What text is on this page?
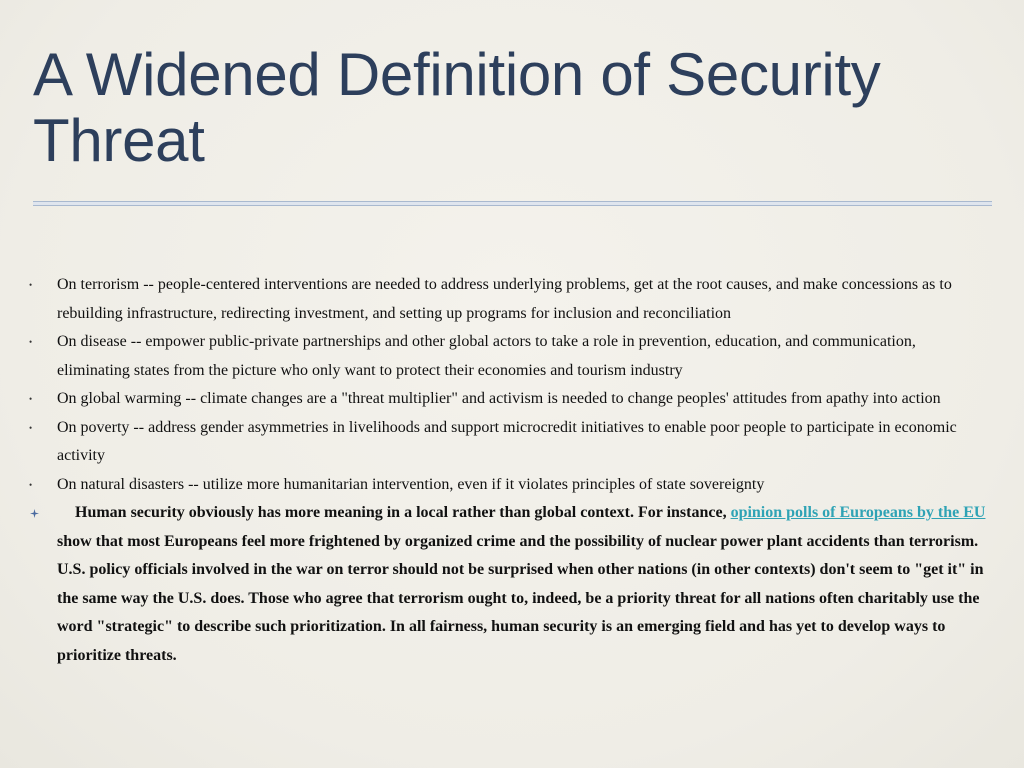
A Widened Definition of Security Threat
•
On terrorism -- people-centered interventions are needed to address underlying problems, get at the root causes, and make concessions as to rebuilding infrastructure, redirecting investment, and setting up programs for inclusion and reconciliation
•
On disease -- empower public-private partnerships and other global actors to take a role in prevention, education, and communication, eliminating states from the picture who only want to protect their economies and tourism industry
•
On global warming -- climate changes are a "threat multiplier" and activism is needed to change peoples' attitudes from apathy into action
•
On poverty -- address gender asymmetries in livelihoods and support microcredit initiatives to enable poor people to participate in economic activity
•
On natural disasters -- utilize more humanitarian intervention, even if it violates principles of state sovereignty
Human security obviously has more meaning in a local rather than global context. For instance, opinion polls of Europeans by the EU show that most Europeans feel more frightened by organized crime and the possibility of nuclear power plant accidents than terrorism. U.S. policy officials involved in the war on terror should not be surprised when other nations (in other contexts) don't seem to "get it" in the same way the U.S. does. Those who agree that terrorism ought to, indeed, be a priority threat for all nations often charitably use the word "strategic" to describe such prioritization. In all fairness, human security is an emerging field and has yet to develop ways to prioritize threats.
